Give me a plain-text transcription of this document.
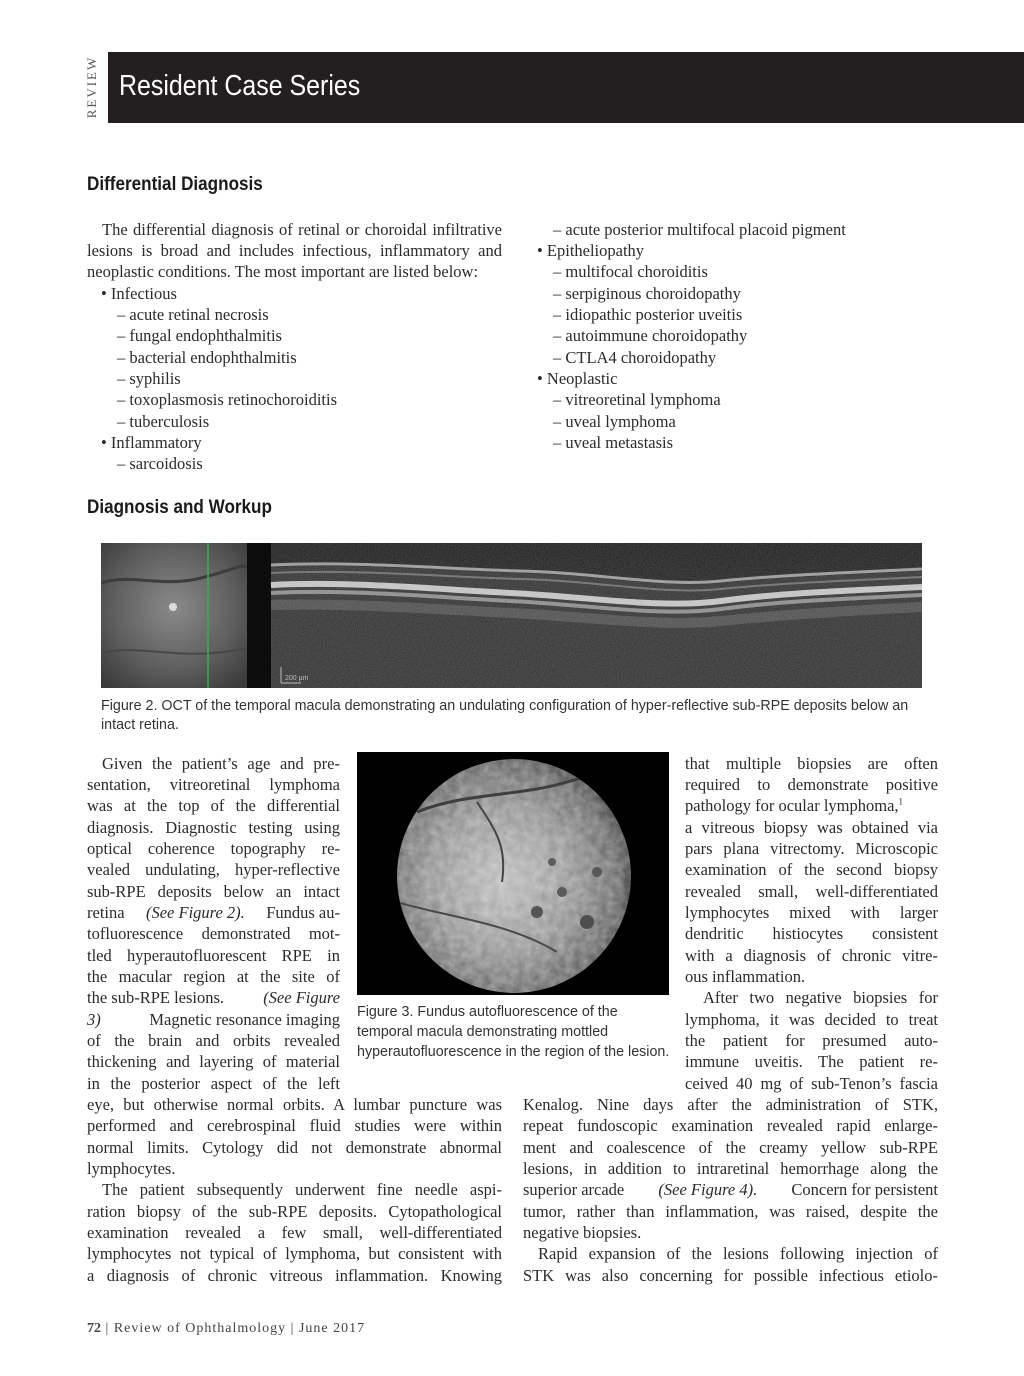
REVIEW Resident Case Series
Differential Diagnosis
The differential diagnosis of retinal or choroidal infiltrative
lesions is broad and includes infectious, inflammatory and
neoplastic conditions. The most important are listed below:
• Infectious
– acute retinal necrosis
– fungal endophthalmitis
– bacterial endophthalmitis
– syphilis
– toxoplasmosis retinochoroiditis
– tuberculosis
• Inflammatory
– sarcoidosis
– acute posterior multifocal placoid pigment
• Epitheliopathy
– multifocal choroiditis
– serpiginous choroidopathy
– idiopathic posterior uveitis
– autoimmune choroidopathy
– CTLA4 choroidopathy
• Neoplastic
– vitreoretinal lymphoma
– uveal lymphoma
– uveal metastasis
Diagnosis and Workup
200 µm
Figure 2. OCT of the temporal macula demonstrating an undulating configuration of hyper-reflective sub-RPE deposits below an intact retina.
Figure 3. Fundus autofluorescence of the temporal macula demonstrating mottled hyperautofluorescence in the region of the lesion.
Given the patient’s age and pre-
sentation, vitreoretinal lymphoma
was at the top of the differential
diagnosis. Diagnostic testing using
optical coherence topography re-
vealed undulating, hyper-reflective
sub-RPE deposits below an intact
retina (See Figure 2). Fundus au-
tofluorescence demonstrated mot-
tled hyperautofluorescent RPE in
the macular region at the site of
the sub-RPE lesions. (See Figure
3)	Magnetic resonance imaging
of the brain and orbits revealed
thickening and layering of material
in the posterior aspect of the left
eye, but otherwise normal orbits. A lumbar puncture was
performed and cerebrospinal fluid studies were within
normal limits. Cytology did not demonstrate abnormal
lymphocytes.
The patient subsequently underwent fine needle aspi-
ration biopsy of the sub-RPE deposits. Cytopathological
examination revealed a few small, well-differentiated
lymphocytes not typical of lymphoma, but consistent with
a diagnosis of chronic vitreous inflammation. Knowing
that multiple biopsies are often
required to demonstrate positive
pathology for ocular lymphoma,$^1$
a vitreous biopsy was obtained via
pars plana vitrectomy. Microscopic
examination of the second biopsy
revealed small, well-differentiated
lymphocytes mixed with larger
dendritic histiocytes consistent
with a diagnosis of chronic vitre-
ous inflammation.
After two negative biopsies for
lymphoma, it was decided to treat
the patient for presumed auto-
immune uveitis. The patient re-
ceived 40 mg of sub-Tenon’s fascia
Kenalog. Nine days after the administration of STK,
repeat fundoscopic examination revealed rapid enlarge-
ment and coalescence of the creamy yellow sub-RPE
lesions, in addition to intraretinal hemorrhage along the
superior arcade (See Figure 4). Concern for persistent
tumor, rather than inflammation, was raised, despite the
negative biopsies.
Rapid expansion of the lesions following injection of
STK was also concerning for possible infectious etiolo-
72 | Review of Ophthalmology | June 2017
